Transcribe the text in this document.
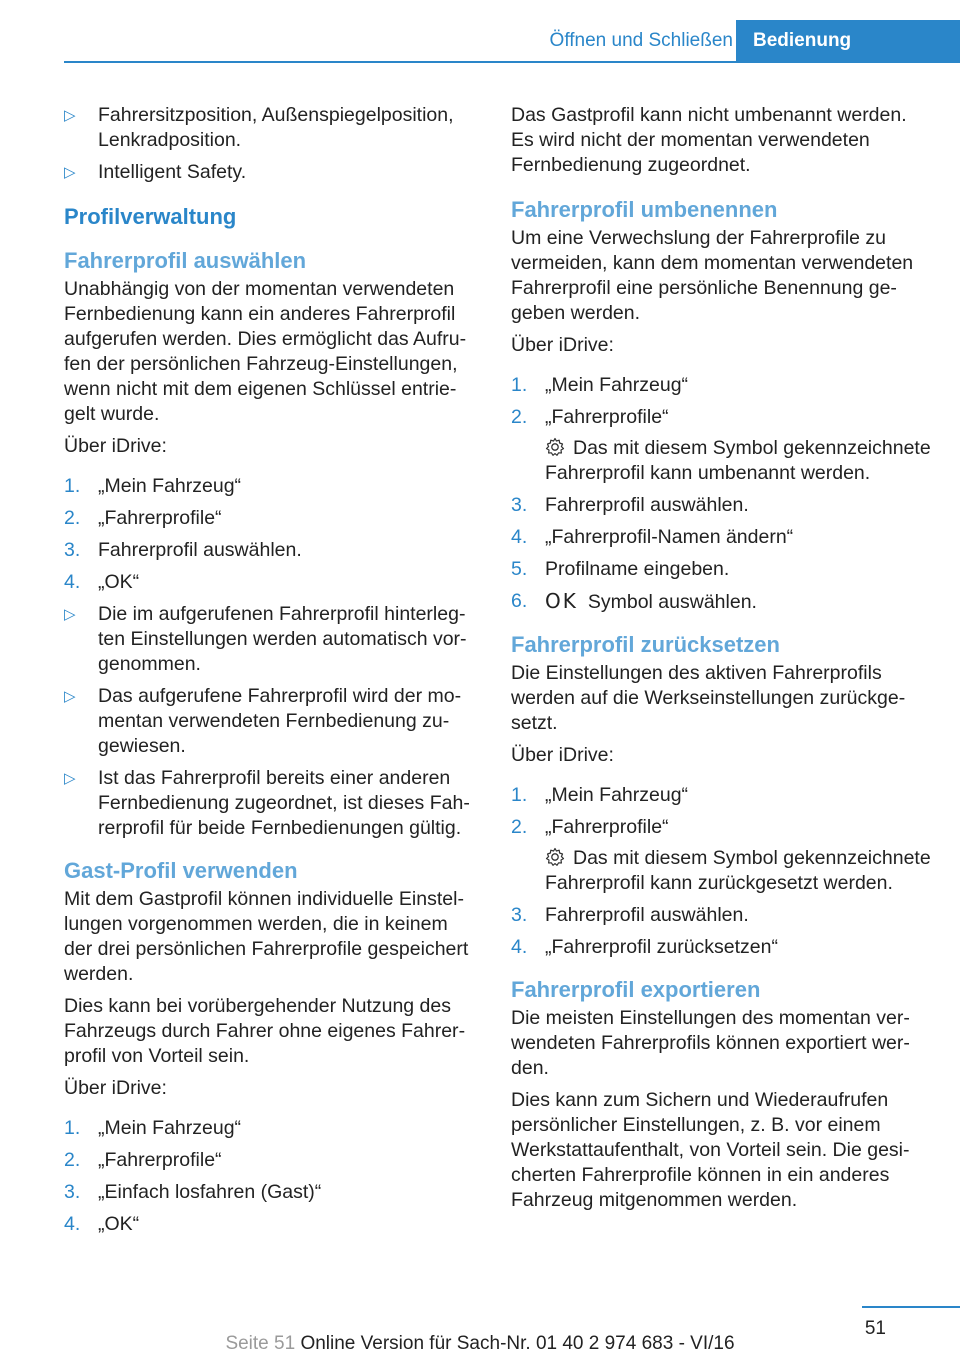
Öffnen und Schließen	Bedienung
▷ Fahrersitzposition, Außenspiegelposition, Lenkradposition.
▷ Intelligent Safety.
Profilverwaltung
Fahrerprofil auswählen

Unabhängig von der momentan verwendeten Fernbedienung kann ein anderes Fahrerprofil aufgerufen werden. Dies ermöglicht das Aufrufen der persönlichen Fahrzeug‑Einstellungen, wenn nicht mit dem eigenen Schlüssel entriegelt wurde.

Über iDrive:

1. „Mein Fahrzeug“
2. „Fahrerprofile“
3. Fahrerprofil auswählen.
4. „OK“
▷ Die im aufgerufenen Fahrerprofil hinterlegten Einstellungen werden automatisch vorgenommen.
▷ Das aufgerufene Fahrerprofil wird der momentan verwendeten Fernbedienung zugewiesen.
▷ Ist das Fahrerprofil bereits einer anderen Fernbedienung zugeordnet, ist dieses Fahrerprofil für beide Fernbedienungen gültig.
Gast‑Profil verwenden

Mit dem Gastprofil können individuelle Einstellungen vorgenommen werden, die in keinem der drei persönlichen Fahrerprofile gespeichert werden.

Dies kann bei vorübergehender Nutzung des Fahrzeugs durch Fahrer ohne eigenes Fahrerprofil von Vorteil sein.

Über iDrive:

1. „Mein Fahrzeug“
2. „Fahrerprofile“
3. „Einfach losfahren (Gast)“
4. „OK“

Das Gastprofil kann nicht umbenannt werden. Es wird nicht der momentan verwendeten Fernbedienung zugeordnet.

Fahrerprofil umbenennen

Um eine Verwechslung der Fahrerprofile zu vermeiden, kann dem momentan verwendeten Fahrerprofil eine persönliche Benennung gegeben werden.

Über iDrive:

1. „Mein Fahrzeug“
2. „Fahrerprofile“
Das mit diesem Symbol gekennzeichnete Fahrerprofil kann umbenannt werden.
3. Fahrerprofil auswählen.
4. „Fahrerprofil‑Namen ändern“
5. Profilname eingeben.
6. OK Symbol auswählen.
Fahrerprofil zurücksetzen

Die Einstellungen des aktiven Fahrerprofils werden auf die Werkseinstellungen zurückgesetzt.

Über iDrive:

1. „Mein Fahrzeug“
2. „Fahrerprofile“
Das mit diesem Symbol gekennzeichnete Fahrerprofil kann zurückgesetzt werden.
3. Fahrerprofil auswählen.
4. „Fahrerprofil zurücksetzen“
Fahrerprofil exportieren

Die meisten Einstellungen des momentan verwendeten Fahrerprofils können exportiert werden.

Dies kann zum Sichern und Wiederaufrufen persönlicher Einstellungen, z. B. vor einem Werkstattaufenthalt, von Vorteil sein. Die gesicherten Fahrerprofile können in ein anderes Fahrzeug mitgenommen werden.

51
Seite 51 Online Version für Sach-Nr. 01 40 2 974 683 - VI/16
